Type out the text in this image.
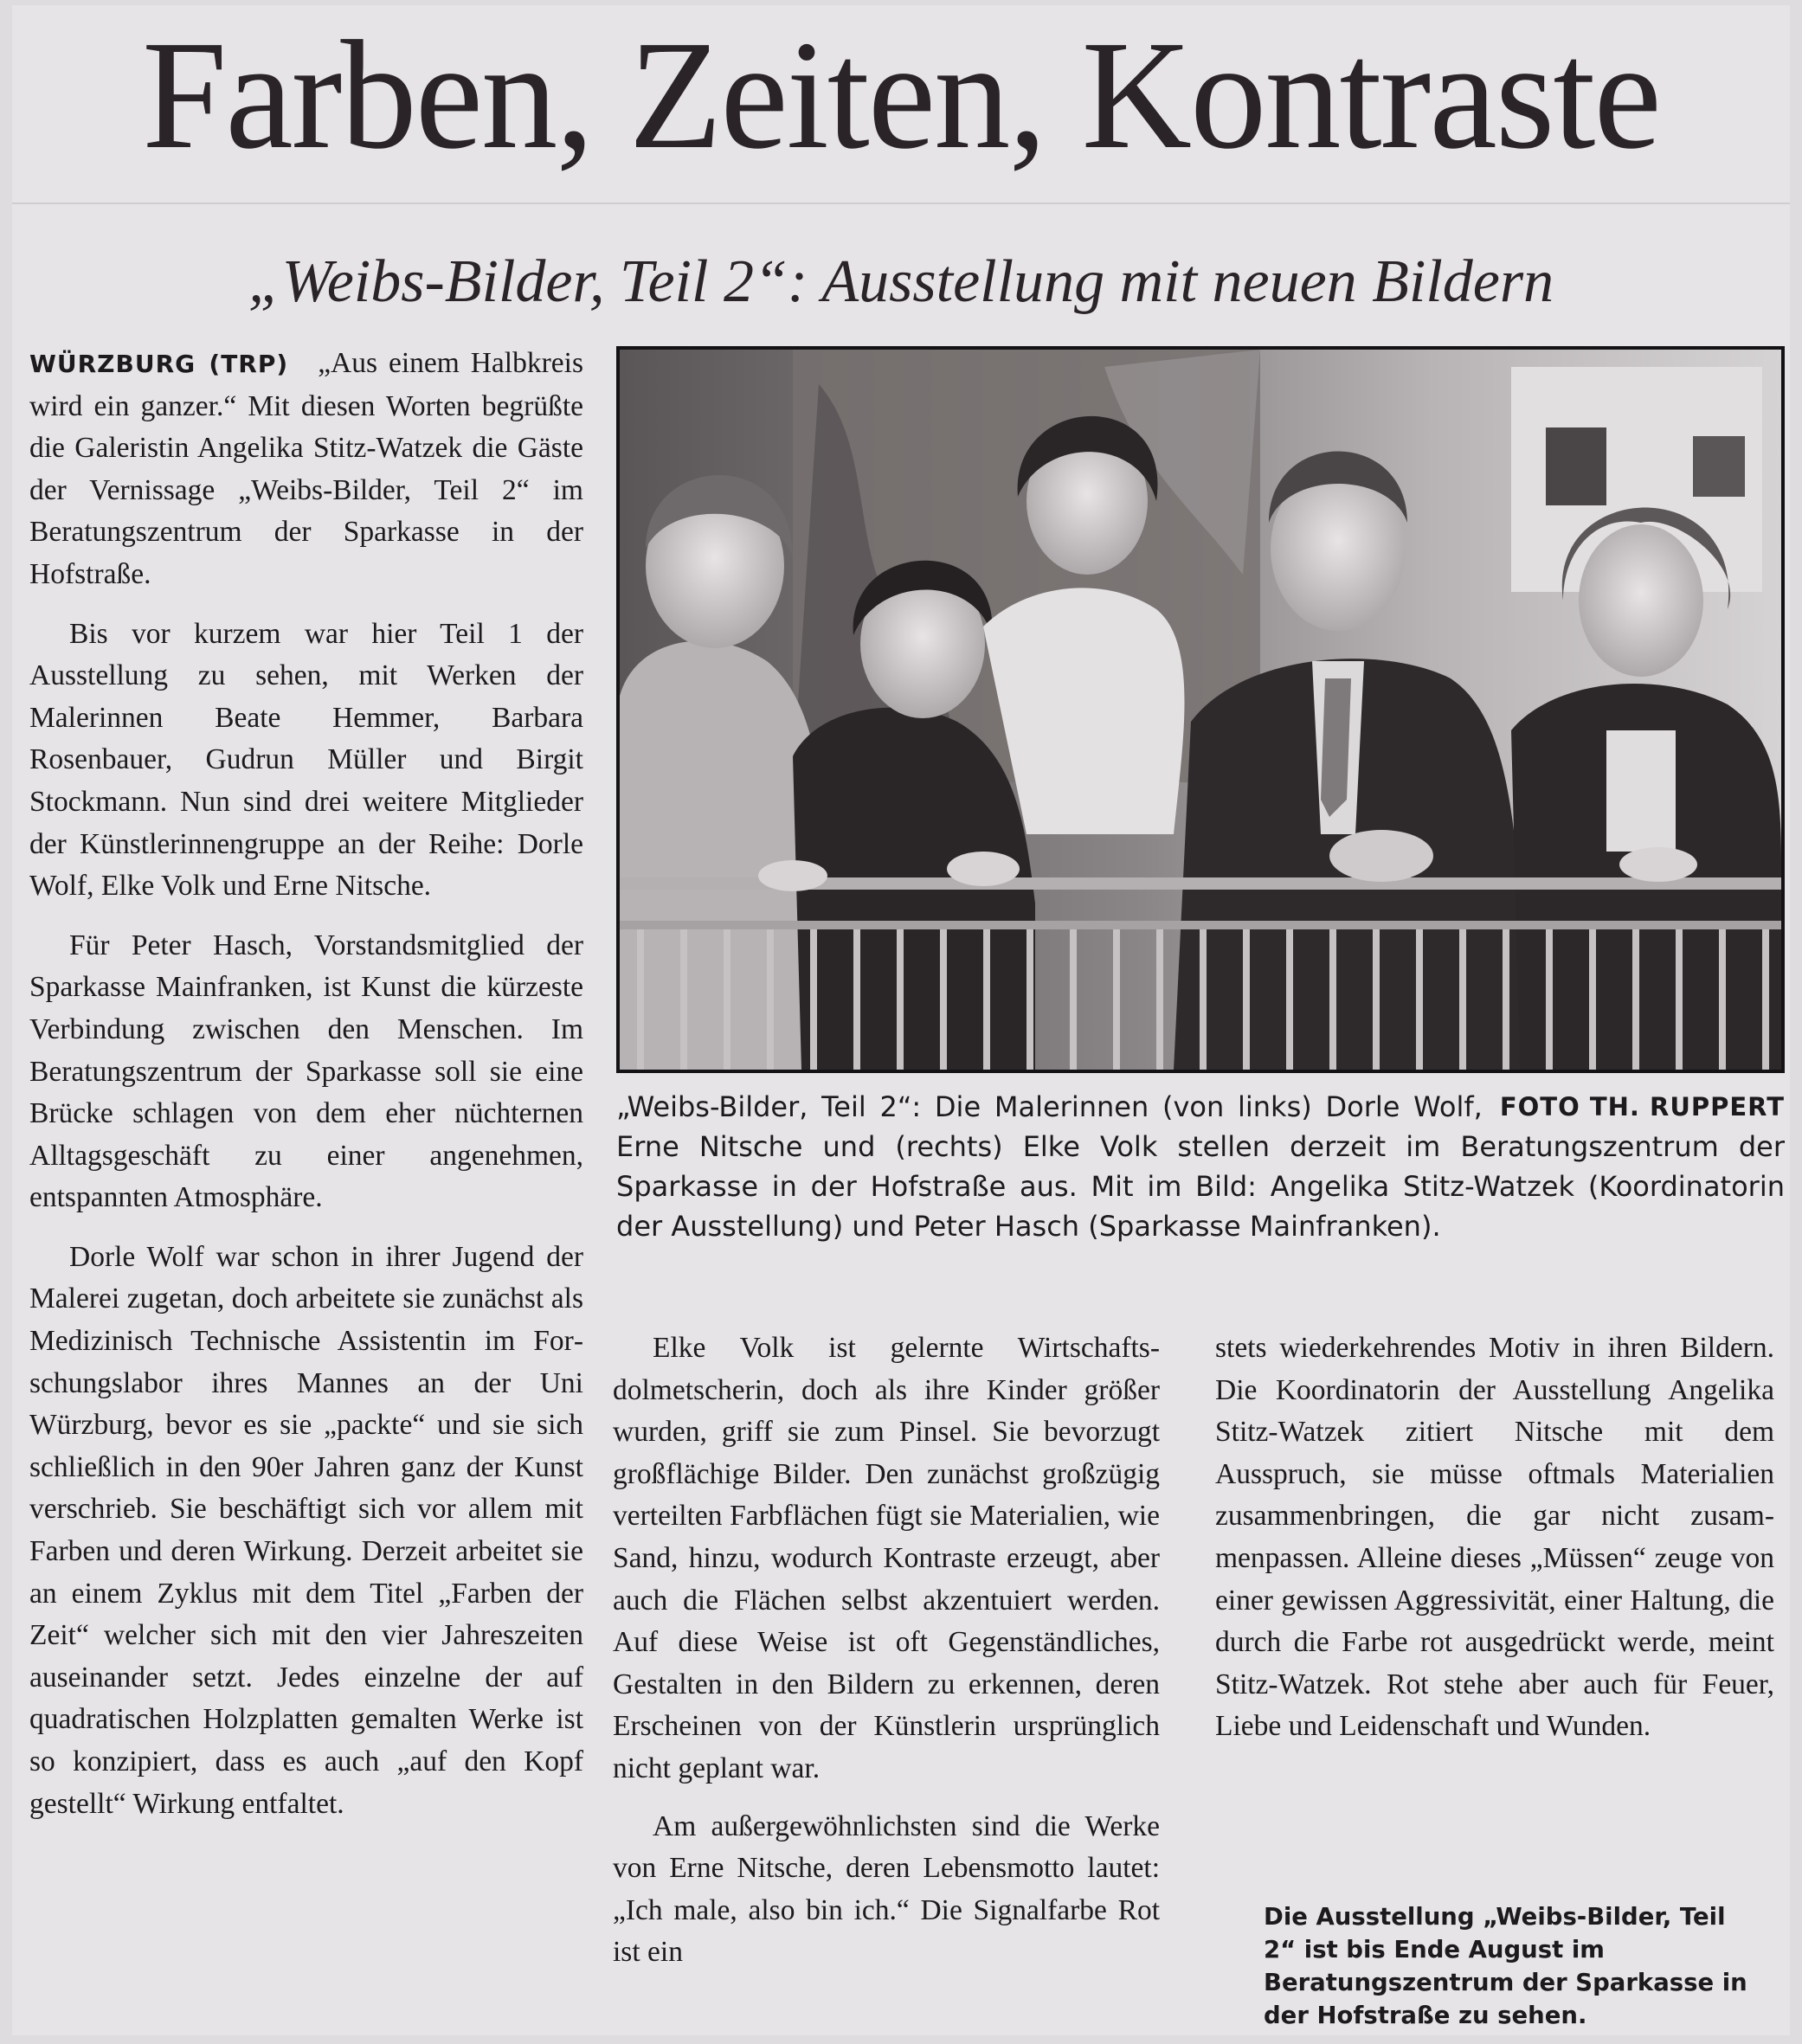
Farben, Zeiten, Kontraste
„Weibs-Bilder, Teil 2“: Ausstellung mit neuen Bildern

WÜRZBURG (TRP) „Aus einem Halbkreis wird ein ganzer.“ Mit diesen Worten begrüßte die Galeristin Angelika Stitz-Watzek die Gäste der Vernissage „Weibs-Bilder, Teil 2“ im Beratungszentrum der Sparkasse in der Hofstraße.

Bis vor kurzem war hier Teil 1 der Ausstellung zu sehen, mit Werken der Malerinnen Beate Hemmer, Barbara Rosenbauer, Gudrun Müller und Birgit Stockmann. Nun sind drei weitere Mitglieder der Künstlerinnengruppe an der Reihe: Dorle Wolf, Elke Volk und Erne Nitsche.

Für Peter Hasch, Vorstandsmitglied der Sparkasse Mainfranken, ist Kunst die kürzeste Verbindung zwischen den Menschen. Im Beratungszentrum der Sparkasse soll sie eine Brücke schlagen von dem eher nüchternen Alltagsgeschäft zu einer angenehmen, entspannten Atmosphäre.

Dorle Wolf war schon in ihrer Jugend der Malerei zugetan, doch arbeitete sie zunächst als Medizinisch Technische Assistentin im Forschungslabor ihres Mannes an der Uni Würzburg, bevor es sie „packte“ und sie sich schließlich in den 90er Jahren ganz der Kunst verschrieb. Sie beschäftigt sich vor allem mit Farben und deren Wirkung. Derzeit arbeitet sie an einem Zyklus mit dem Titel „Farben der Zeit“ welcher sich mit den vier Jahreszeiten auseinander setzt. Jedes einzelne der auf quadratischen Holzplatten gemalten Werke ist so konzipiert, dass es auch „auf den Kopf gestellt“ Wirkung entfaltet.

FOTO TH. RUPPERT
„Weibs-Bilder, Teil 2“: Die Malerinnen (von links) Dorle Wolf, Erne Nitsche und (rechts) Elke Volk stellen derzeit im Beratungszentrum der Sparkasse in der Hofstraße aus. Mit im Bild: Angelika Stitz-Watzek (Koordinatorin der Ausstellung) und Peter Hasch (Sparkasse Mainfranken).

Elke Volk ist gelernte Wirtschaftsdolmetscherin, doch als ihre Kinder größer wurden, griff sie zum Pinsel. Sie bevorzugt großflächige Bilder. Den zunächst großzügig verteilten Farbflächen fügt sie Materialien, wie Sand, hinzu, wodurch Kontraste erzeugt, aber auch die Flächen selbst akzentuiert werden. Auf diese Weise ist oft Gegenständliches, Gestalten in den Bildern zu erkennen, deren Erscheinen von der Künstlerin ursprünglich nicht geplant war.

Am außergewöhnlichsten sind die Werke von Erne Nitsche, deren Lebensmotto lautet: „Ich male, also bin ich.“ Die Signalfarbe Rot ist ein

stets wiederkehrendes Motiv in ihren Bildern. Die Koordinatorin der Ausstellung Angelika Stitz-Watzek zitiert Nitsche mit dem Ausspruch, sie müsse oftmals Materialien zusammenbringen, die gar nicht zusammenpassen. Alleine dieses „Müssen“ zeuge von einer gewissen Aggressivität, einer Haltung, die durch die Farbe rot ausgedrückt werde, meint Stitz-Watzek. Rot stehe aber auch für Feuer, Liebe und Leidenschaft und Wunden.

Die Ausstellung „Weibs-Bilder, Teil 2“ ist bis Ende August im Beratungszentrum der Sparkasse in der Hofstraße zu sehen.
